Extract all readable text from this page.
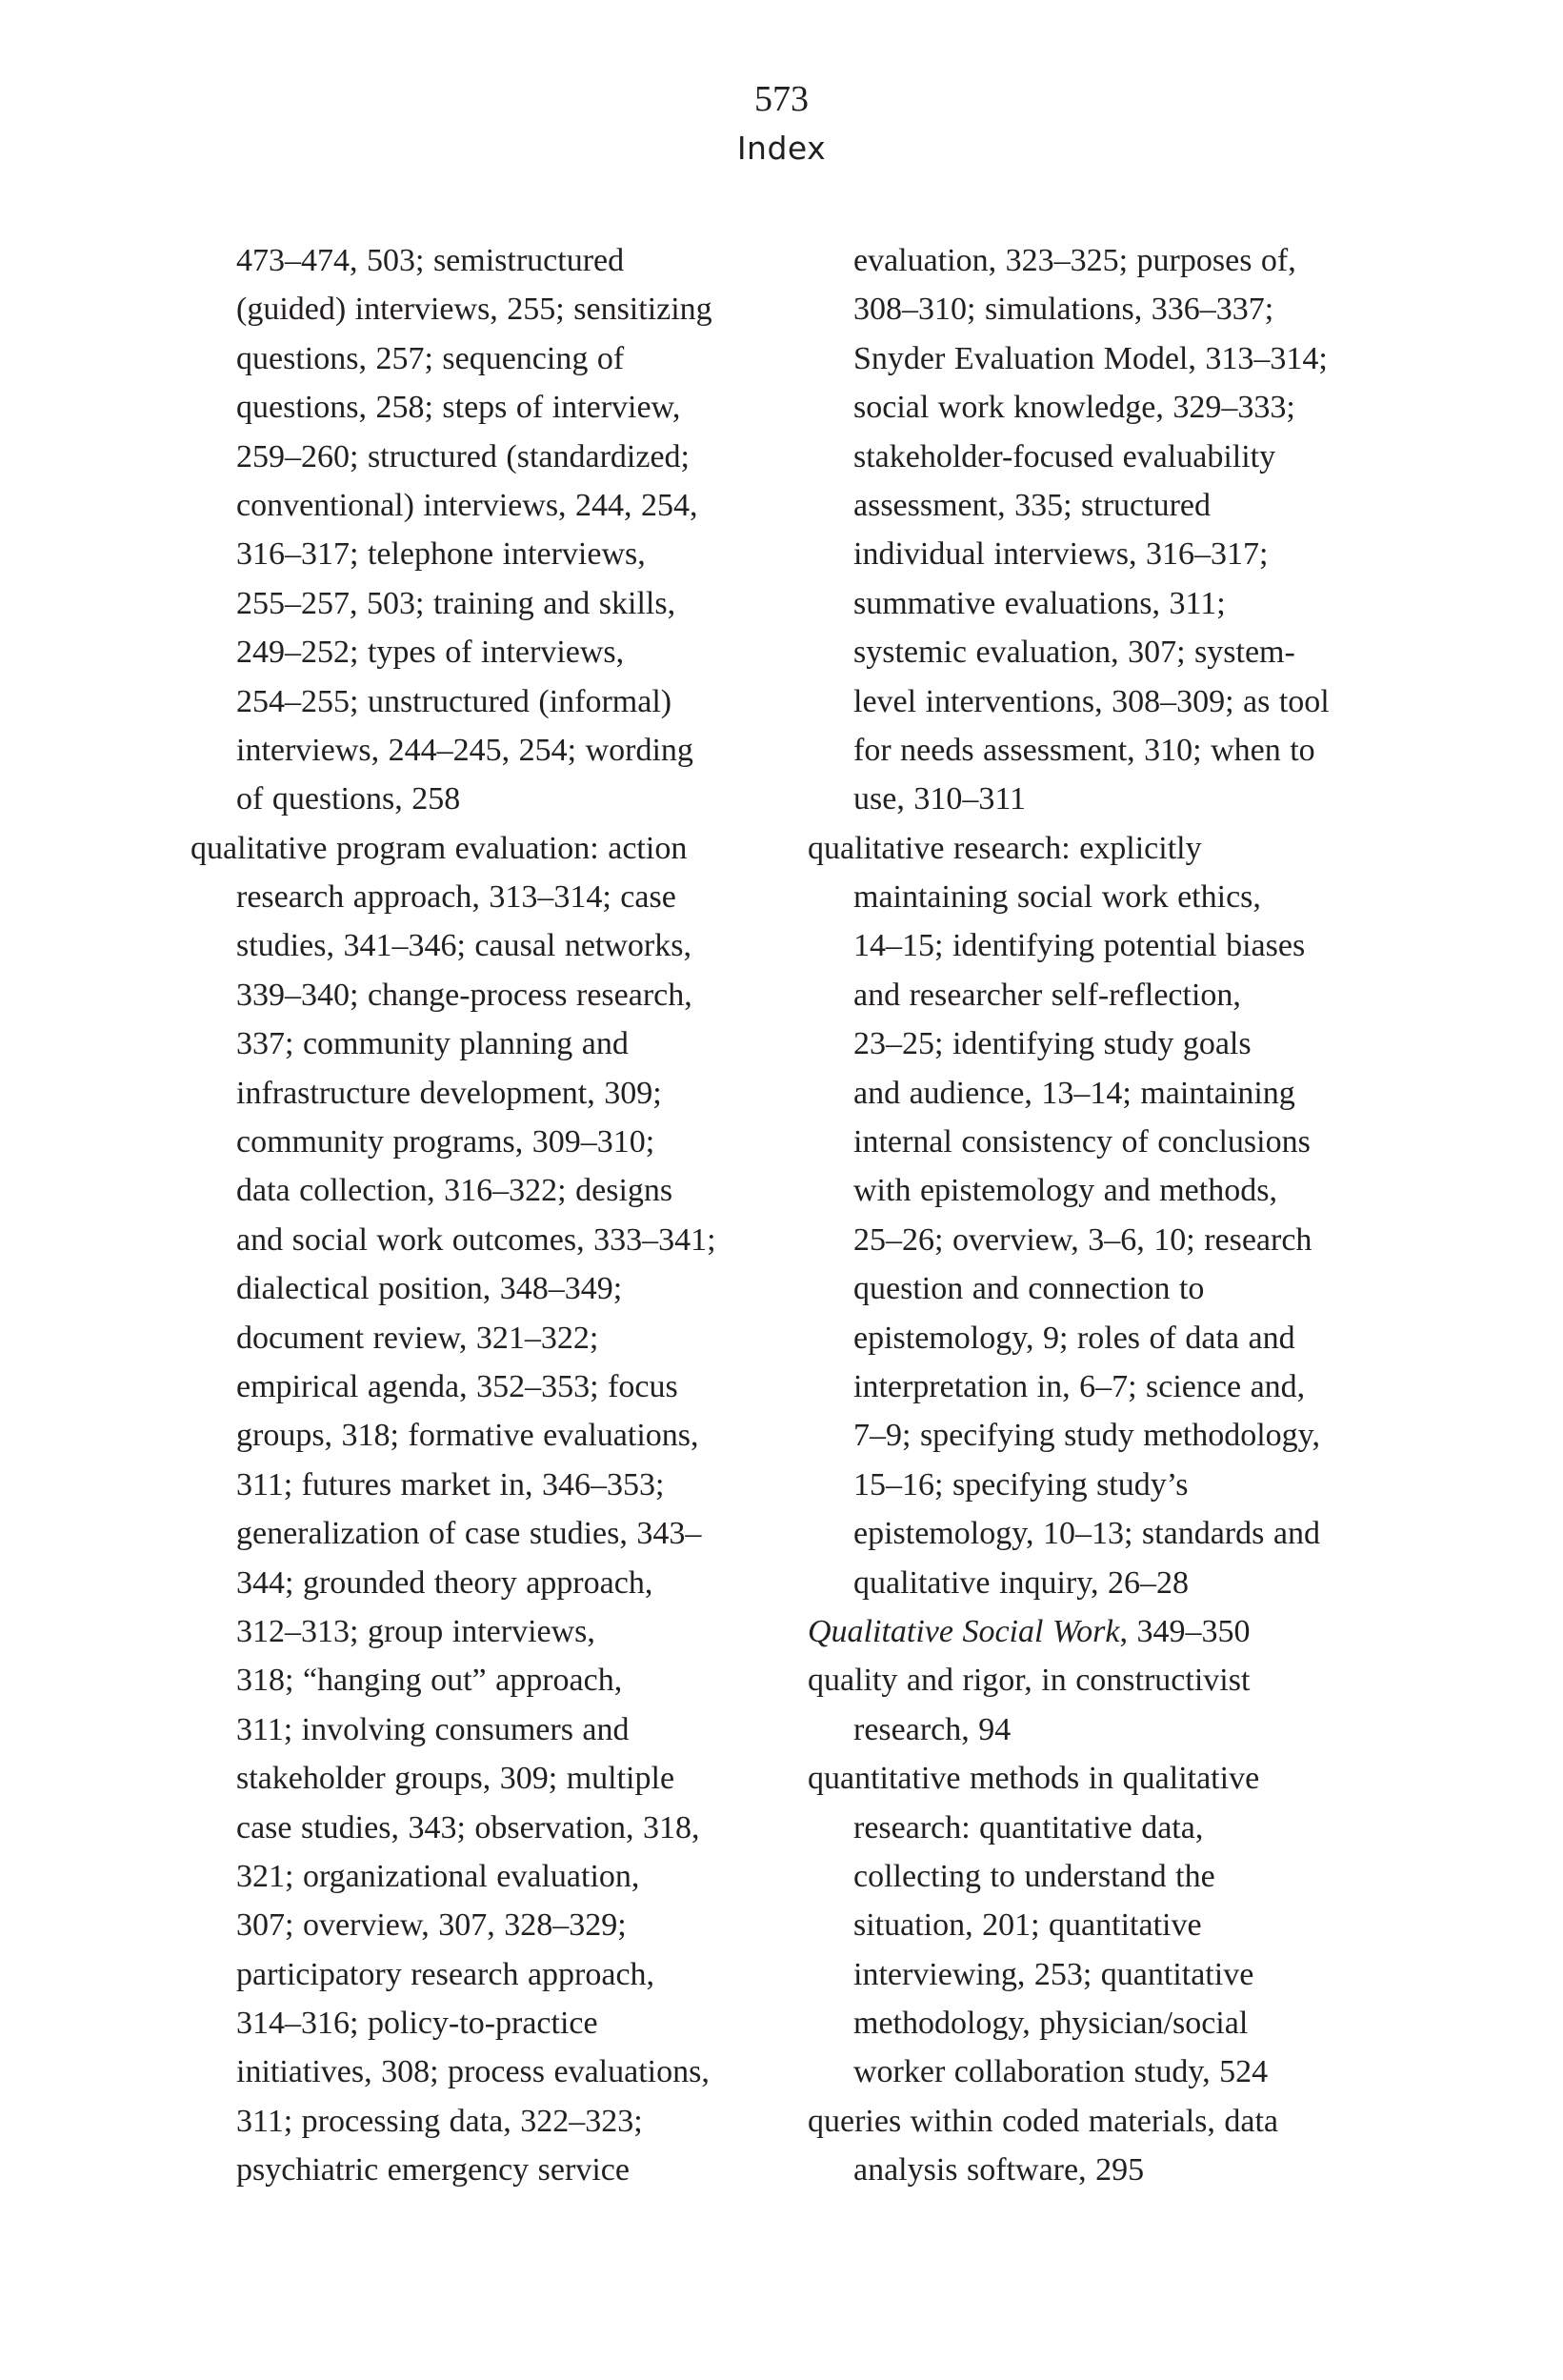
573
Index
473–474, 503; semistructured
(guided) interviews, 255; sensitizing
questions, 257; sequencing of
questions, 258; steps of interview,
259–260; structured (standardized;
conventional) interviews, 244, 254,
316–317; telephone interviews,
255–257, 503; training and skills,
249–252; types of interviews,
254–255; unstructured (informal)
interviews, 244–245, 254; wording
of questions, 258
qualitative program evaluation: action
research approach, 313–314; case
studies, 341–346; causal networks,
339–340; change-process research,
337; community planning and
infrastructure development, 309;
community programs, 309–310;
data collection, 316–322; designs
and social work outcomes, 333–341;
dialectical position, 348–349;
document review, 321–322;
empirical agenda, 352–353; focus
groups, 318; formative evaluations,
311; futures market in, 346–353;
generalization of case studies, 343–
344; grounded theory approach,
312–313; group interviews,
318; “hanging out” approach,
311; involving consumers and
stakeholder groups, 309; multiple
case studies, 343; observation, 318,
321; organizational evaluation,
307; overview, 307, 328–329;
participatory research approach,
314–316; policy-to-practice
initiatives, 308; process evaluations,
311; processing data, 322–323;
psychiatric emergency service
evaluation, 323–325; purposes of,
308–310; simulations, 336–337;
Snyder Evaluation Model, 313–314;
social work knowledge, 329–333;
stakeholder-focused evaluability
assessment, 335; structured
individual interviews, 316–317;
summative evaluations, 311;
systemic evaluation, 307; system-
level interventions, 308–309; as tool
for needs assessment, 310; when to
use, 310–311
qualitative research: explicitly
maintaining social work ethics,
14–15; identifying potential biases
and researcher self-reflection,
23–25; identifying study goals
and audience, 13–14; maintaining
internal consistency of conclusions
with epistemology and methods,
25–26; overview, 3–6, 10; research
question and connection to
epistemology, 9; roles of data and
interpretation in, 6–7; science and,
7–9; specifying study methodology,
15–16; specifying study’s
epistemology, 10–13; standards and
qualitative inquiry, 26–28
Qualitative Social Work, 349–350
quality and rigor, in constructivist
research, 94
quantitative methods in qualitative
research: quantitative data,
collecting to understand the
situation, 201; quantitative
interviewing, 253; quantitative
methodology, physician/social
worker collaboration study, 524
queries within coded materials, data
analysis software, 295
